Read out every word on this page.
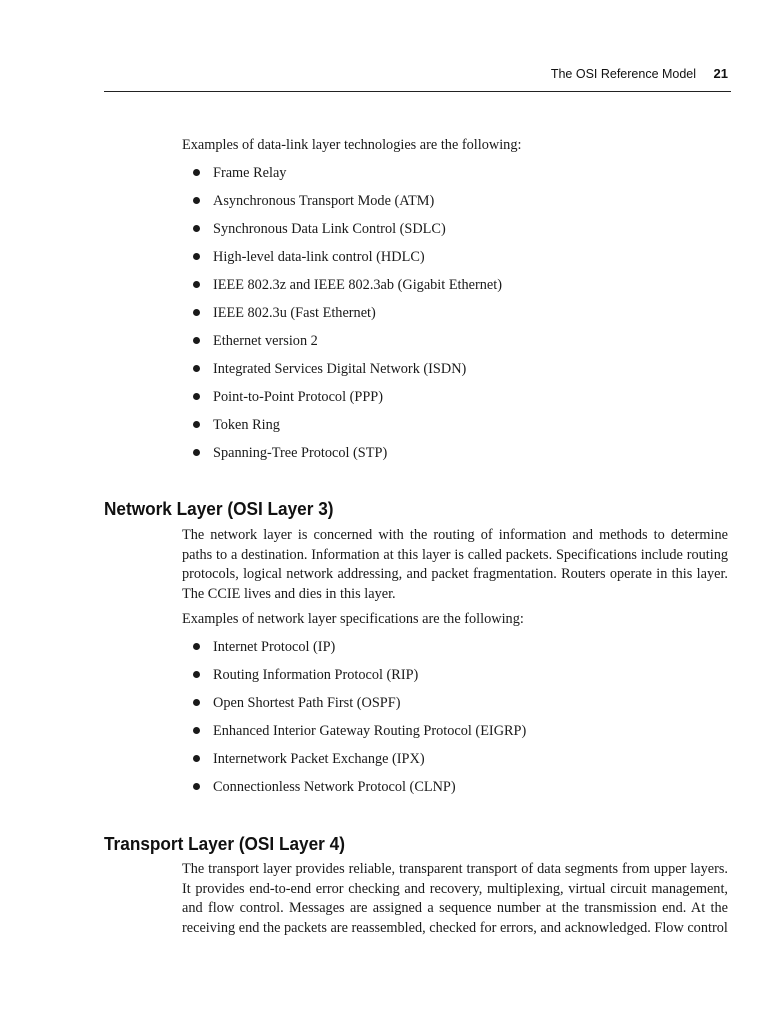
The OSI Reference Model 21

Examples of data-link layer technologies are the following:

Frame Relay
Asynchronous Transport Mode (ATM)
Synchronous Data Link Control (SDLC)
High-level data-link control (HDLC)
IEEE 802.3z and IEEE 802.3ab (Gigabit Ethernet)
IEEE 802.3u (Fast Ethernet)
Ethernet version 2
Integrated Services Digital Network (ISDN)
Point-to-Point Protocol (PPP)
Token Ring
Spanning-Tree Protocol (STP)
Network Layer (OSI Layer 3)

The network layer is concerned with the routing of information and methods to determine paths to a destination. Information at this layer is called packets. Specifications include routing protocols, logical network addressing, and packet fragmentation. Routers operate in this layer. The CCIE lives and dies in this layer.

Examples of network layer specifications are the following:

Internet Protocol (IP)
Routing Information Protocol (RIP)
Open Shortest Path First (OSPF)
Enhanced Interior Gateway Routing Protocol (EIGRP)
Internetwork Packet Exchange (IPX)
Connectionless Network Protocol (CLNP)
Transport Layer (OSI Layer 4)

The transport layer provides reliable, transparent transport of data segments from upper layers. It provides end-to-end error checking and recovery, multiplexing, virtual circuit management, and flow control. Messages are assigned a sequence number at the transmission end. At the receiving end the packets are reassembled, checked for errors, and acknowledged. Flow control
